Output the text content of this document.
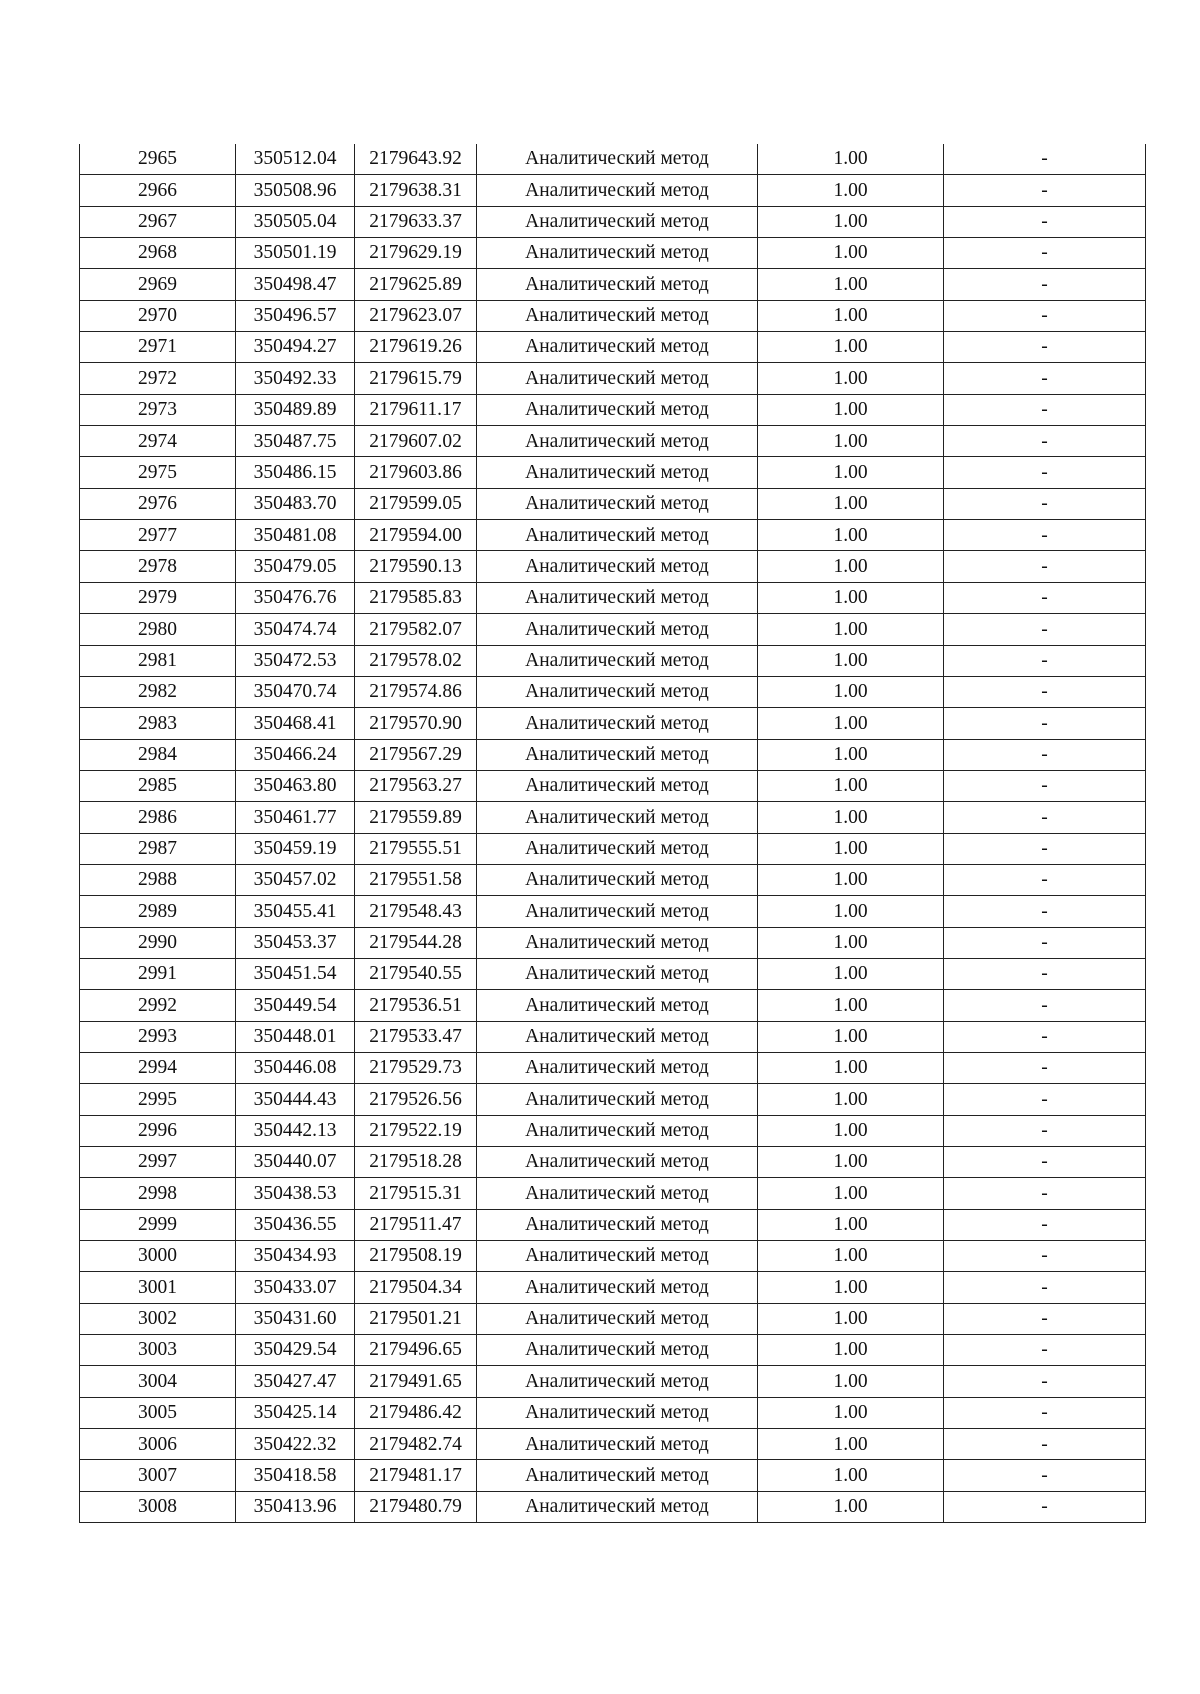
2965	350512.04	2179643.92	Аналитический метод	1.00	-
2966	350508.96	2179638.31	Аналитический метод	1.00	-
2967	350505.04	2179633.37	Аналитический метод	1.00	-
2968	350501.19	2179629.19	Аналитический метод	1.00	-
2969	350498.47	2179625.89	Аналитический метод	1.00	-
2970	350496.57	2179623.07	Аналитический метод	1.00	-
2971	350494.27	2179619.26	Аналитический метод	1.00	-
2972	350492.33	2179615.79	Аналитический метод	1.00	-
2973	350489.89	2179611.17	Аналитический метод	1.00	-
2974	350487.75	2179607.02	Аналитический метод	1.00	-
2975	350486.15	2179603.86	Аналитический метод	1.00	-
2976	350483.70	2179599.05	Аналитический метод	1.00	-
2977	350481.08	2179594.00	Аналитический метод	1.00	-
2978	350479.05	2179590.13	Аналитический метод	1.00	-
2979	350476.76	2179585.83	Аналитический метод	1.00	-
2980	350474.74	2179582.07	Аналитический метод	1.00	-
2981	350472.53	2179578.02	Аналитический метод	1.00	-
2982	350470.74	2179574.86	Аналитический метод	1.00	-
2983	350468.41	2179570.90	Аналитический метод	1.00	-
2984	350466.24	2179567.29	Аналитический метод	1.00	-
2985	350463.80	2179563.27	Аналитический метод	1.00	-
2986	350461.77	2179559.89	Аналитический метод	1.00	-
2987	350459.19	2179555.51	Аналитический метод	1.00	-
2988	350457.02	2179551.58	Аналитический метод	1.00	-
2989	350455.41	2179548.43	Аналитический метод	1.00	-
2990	350453.37	2179544.28	Аналитический метод	1.00	-
2991	350451.54	2179540.55	Аналитический метод	1.00	-
2992	350449.54	2179536.51	Аналитический метод	1.00	-
2993	350448.01	2179533.47	Аналитический метод	1.00	-
2994	350446.08	2179529.73	Аналитический метод	1.00	-
2995	350444.43	2179526.56	Аналитический метод	1.00	-
2996	350442.13	2179522.19	Аналитический метод	1.00	-
2997	350440.07	2179518.28	Аналитический метод	1.00	-
2998	350438.53	2179515.31	Аналитический метод	1.00	-
2999	350436.55	2179511.47	Аналитический метод	1.00	-
3000	350434.93	2179508.19	Аналитический метод	1.00	-
3001	350433.07	2179504.34	Аналитический метод	1.00	-
3002	350431.60	2179501.21	Аналитический метод	1.00	-
3003	350429.54	2179496.65	Аналитический метод	1.00	-
3004	350427.47	2179491.65	Аналитический метод	1.00	-
3005	350425.14	2179486.42	Аналитический метод	1.00	-
3006	350422.32	2179482.74	Аналитический метод	1.00	-
3007	350418.58	2179481.17	Аналитический метод	1.00	-
3008	350413.96	2179480.79	Аналитический метод	1.00	-
